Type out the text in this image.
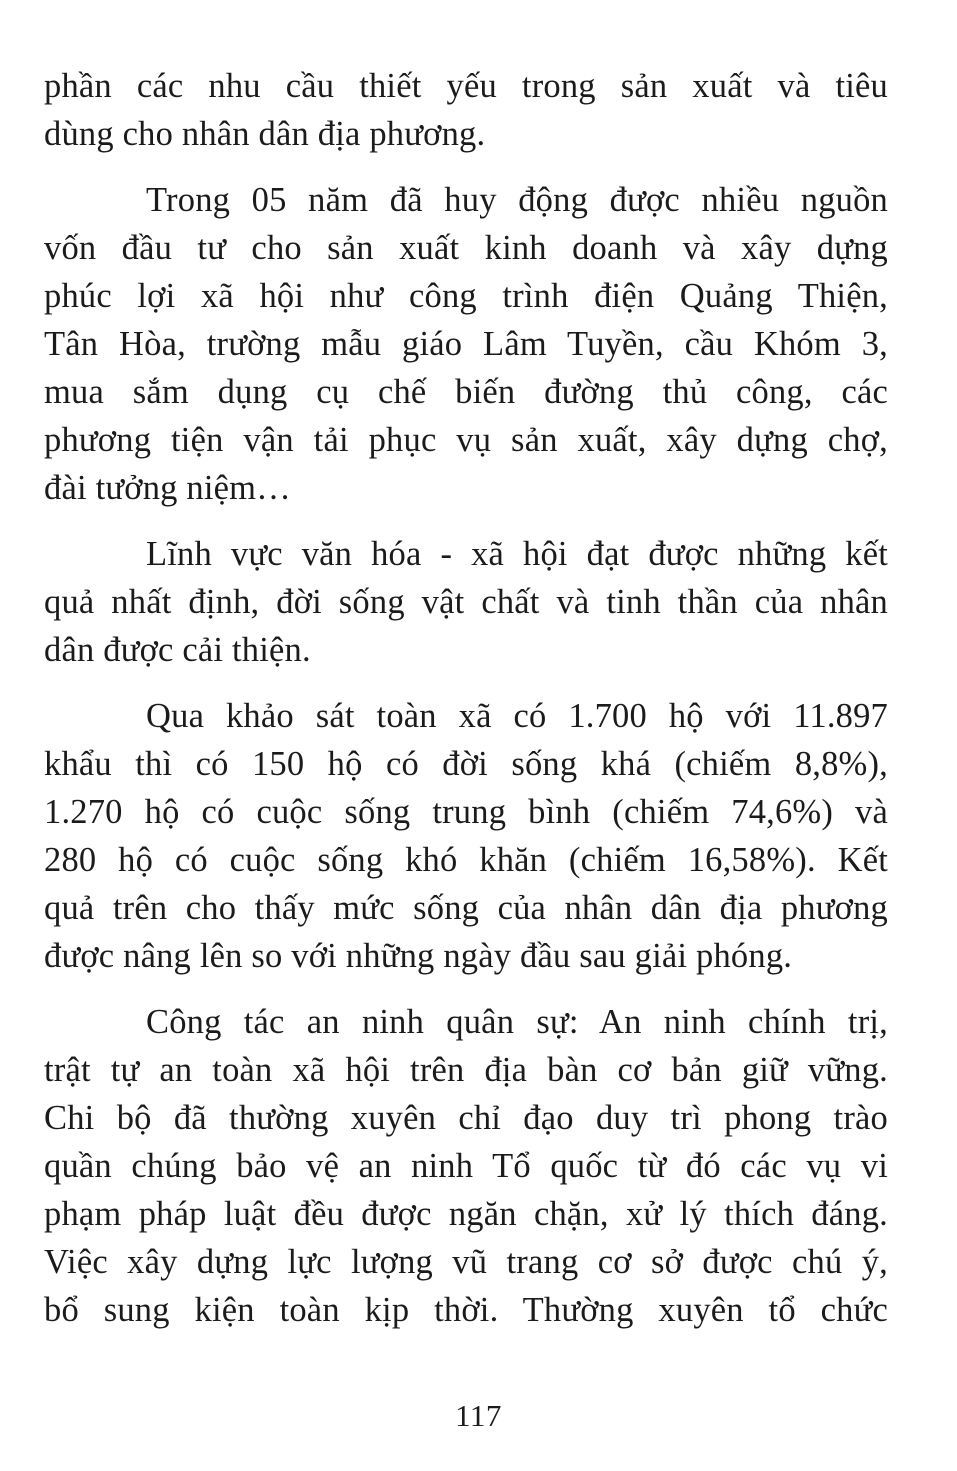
phần các nhu cầu thiết yếu trong sản xuất và tiêu
dùng cho nhân dân địa phương.
Trong 05 năm đã huy động được nhiều nguồn
vốn đầu tư cho sản xuất kinh doanh và xây dựng
phúc lợi xã hội như công trình điện Quảng Thiện,
Tân Hòa, trường mẫu giáo Lâm Tuyền, cầu Khóm 3,
mua sắm dụng cụ chế biến đường thủ công, các
phương tiện vận tải phục vụ sản xuất, xây dựng chợ,
đài tưởng niệm…
Lĩnh vực văn hóa - xã hội đạt được những kết
quả nhất định, đời sống vật chất và tinh thần của nhân
dân được cải thiện.
Qua khảo sát toàn xã có 1.700 hộ với 11.897
khẩu thì có 150 hộ có đời sống khá (chiếm 8,8%),
1.270 hộ có cuộc sống trung bình (chiếm 74,6%) và
280 hộ có cuộc sống khó khăn (chiếm 16,58%). Kết
quả trên cho thấy mức sống của nhân dân địa phương
được nâng lên so với những ngày đầu sau giải phóng.
Công tác an ninh quân sự: An ninh chính trị,
trật tự an toàn xã hội trên địa bàn cơ bản giữ vững.
Chi bộ đã thường xuyên chỉ đạo duy trì phong trào
quần chúng bảo vệ an ninh Tổ quốc từ đó các vụ vi
phạm pháp luật đều được ngăn chặn, xử lý thích đáng.
Việc xây dựng lực lượng vũ trang cơ sở được chú ý,
bổ sung kiện toàn kịp thời. Thường xuyên tổ chức
117
